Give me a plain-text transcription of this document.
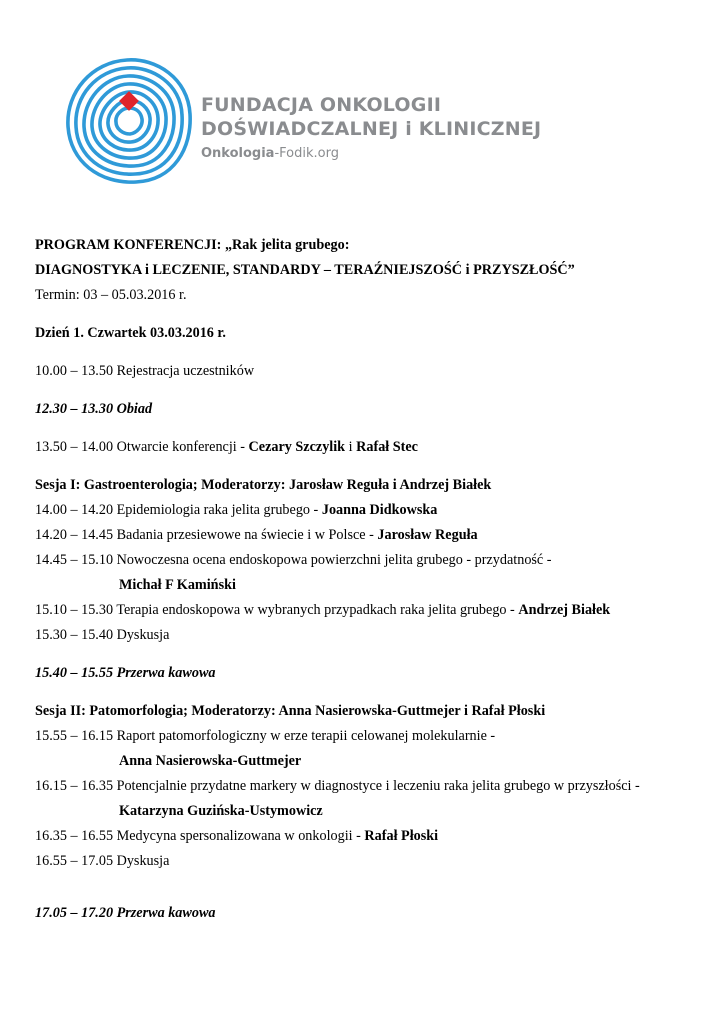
FUNDACJA ONKOLOGII
DOŚWIADCZALNEJ i KLINICZNEJ
Onkologia-Fodik.org
PROGRAM KONFERENCJI: „Rak jelita grubego:
DIAGNOSTYKA i LECZENIE, STANDARDY – TERAŹNIEJSZOŚĆ i PRZYSZŁOŚĆ”
Termin: 03 – 05.03.2016 r.
Dzień 1. Czwartek 03.03.2016 r.
10.00 – 13.50 Rejestracja uczestników
12.30 – 13.30 Obiad
13.50 – 14.00 Otwarcie konferencji - Cezary Szczylik i Rafał Stec
Sesja I: Gastroenterologia; Moderatorzy: Jarosław Reguła i Andrzej Białek
14.00 – 14.20 Epidemiologia raka jelita grubego - Joanna Didkowska
14.20 – 14.45 Badania przesiewowe na świecie i w Polsce - Jarosław Reguła
14.45 – 15.10 Nowoczesna ocena endoskopowa powierzchni jelita grubego - przydatność -
Michał F Kamiński
15.10 – 15.30 Terapia endoskopowa w wybranych przypadkach raka jelita grubego - Andrzej Białek
15.30 – 15.40 Dyskusja
15.40 – 15.55 Przerwa kawowa
Sesja II: Patomorfologia; Moderatorzy: Anna Nasierowska-Guttmejer i Rafał Płoski
15.55 – 16.15 Raport patomorfologiczny w erze terapii celowanej molekularnie -
Anna Nasierowska-Guttmejer
16.15 – 16.35 Potencjalnie przydatne markery w diagnostyce i leczeniu raka jelita grubego w przyszłości -
Katarzyna Guzińska-Ustymowicz
16.35 – 16.55 Medycyna spersonalizowana w onkologii - Rafał Płoski
16.55 – 17.05 Dyskusja
17.05 – 17.20 Przerwa kawowa
